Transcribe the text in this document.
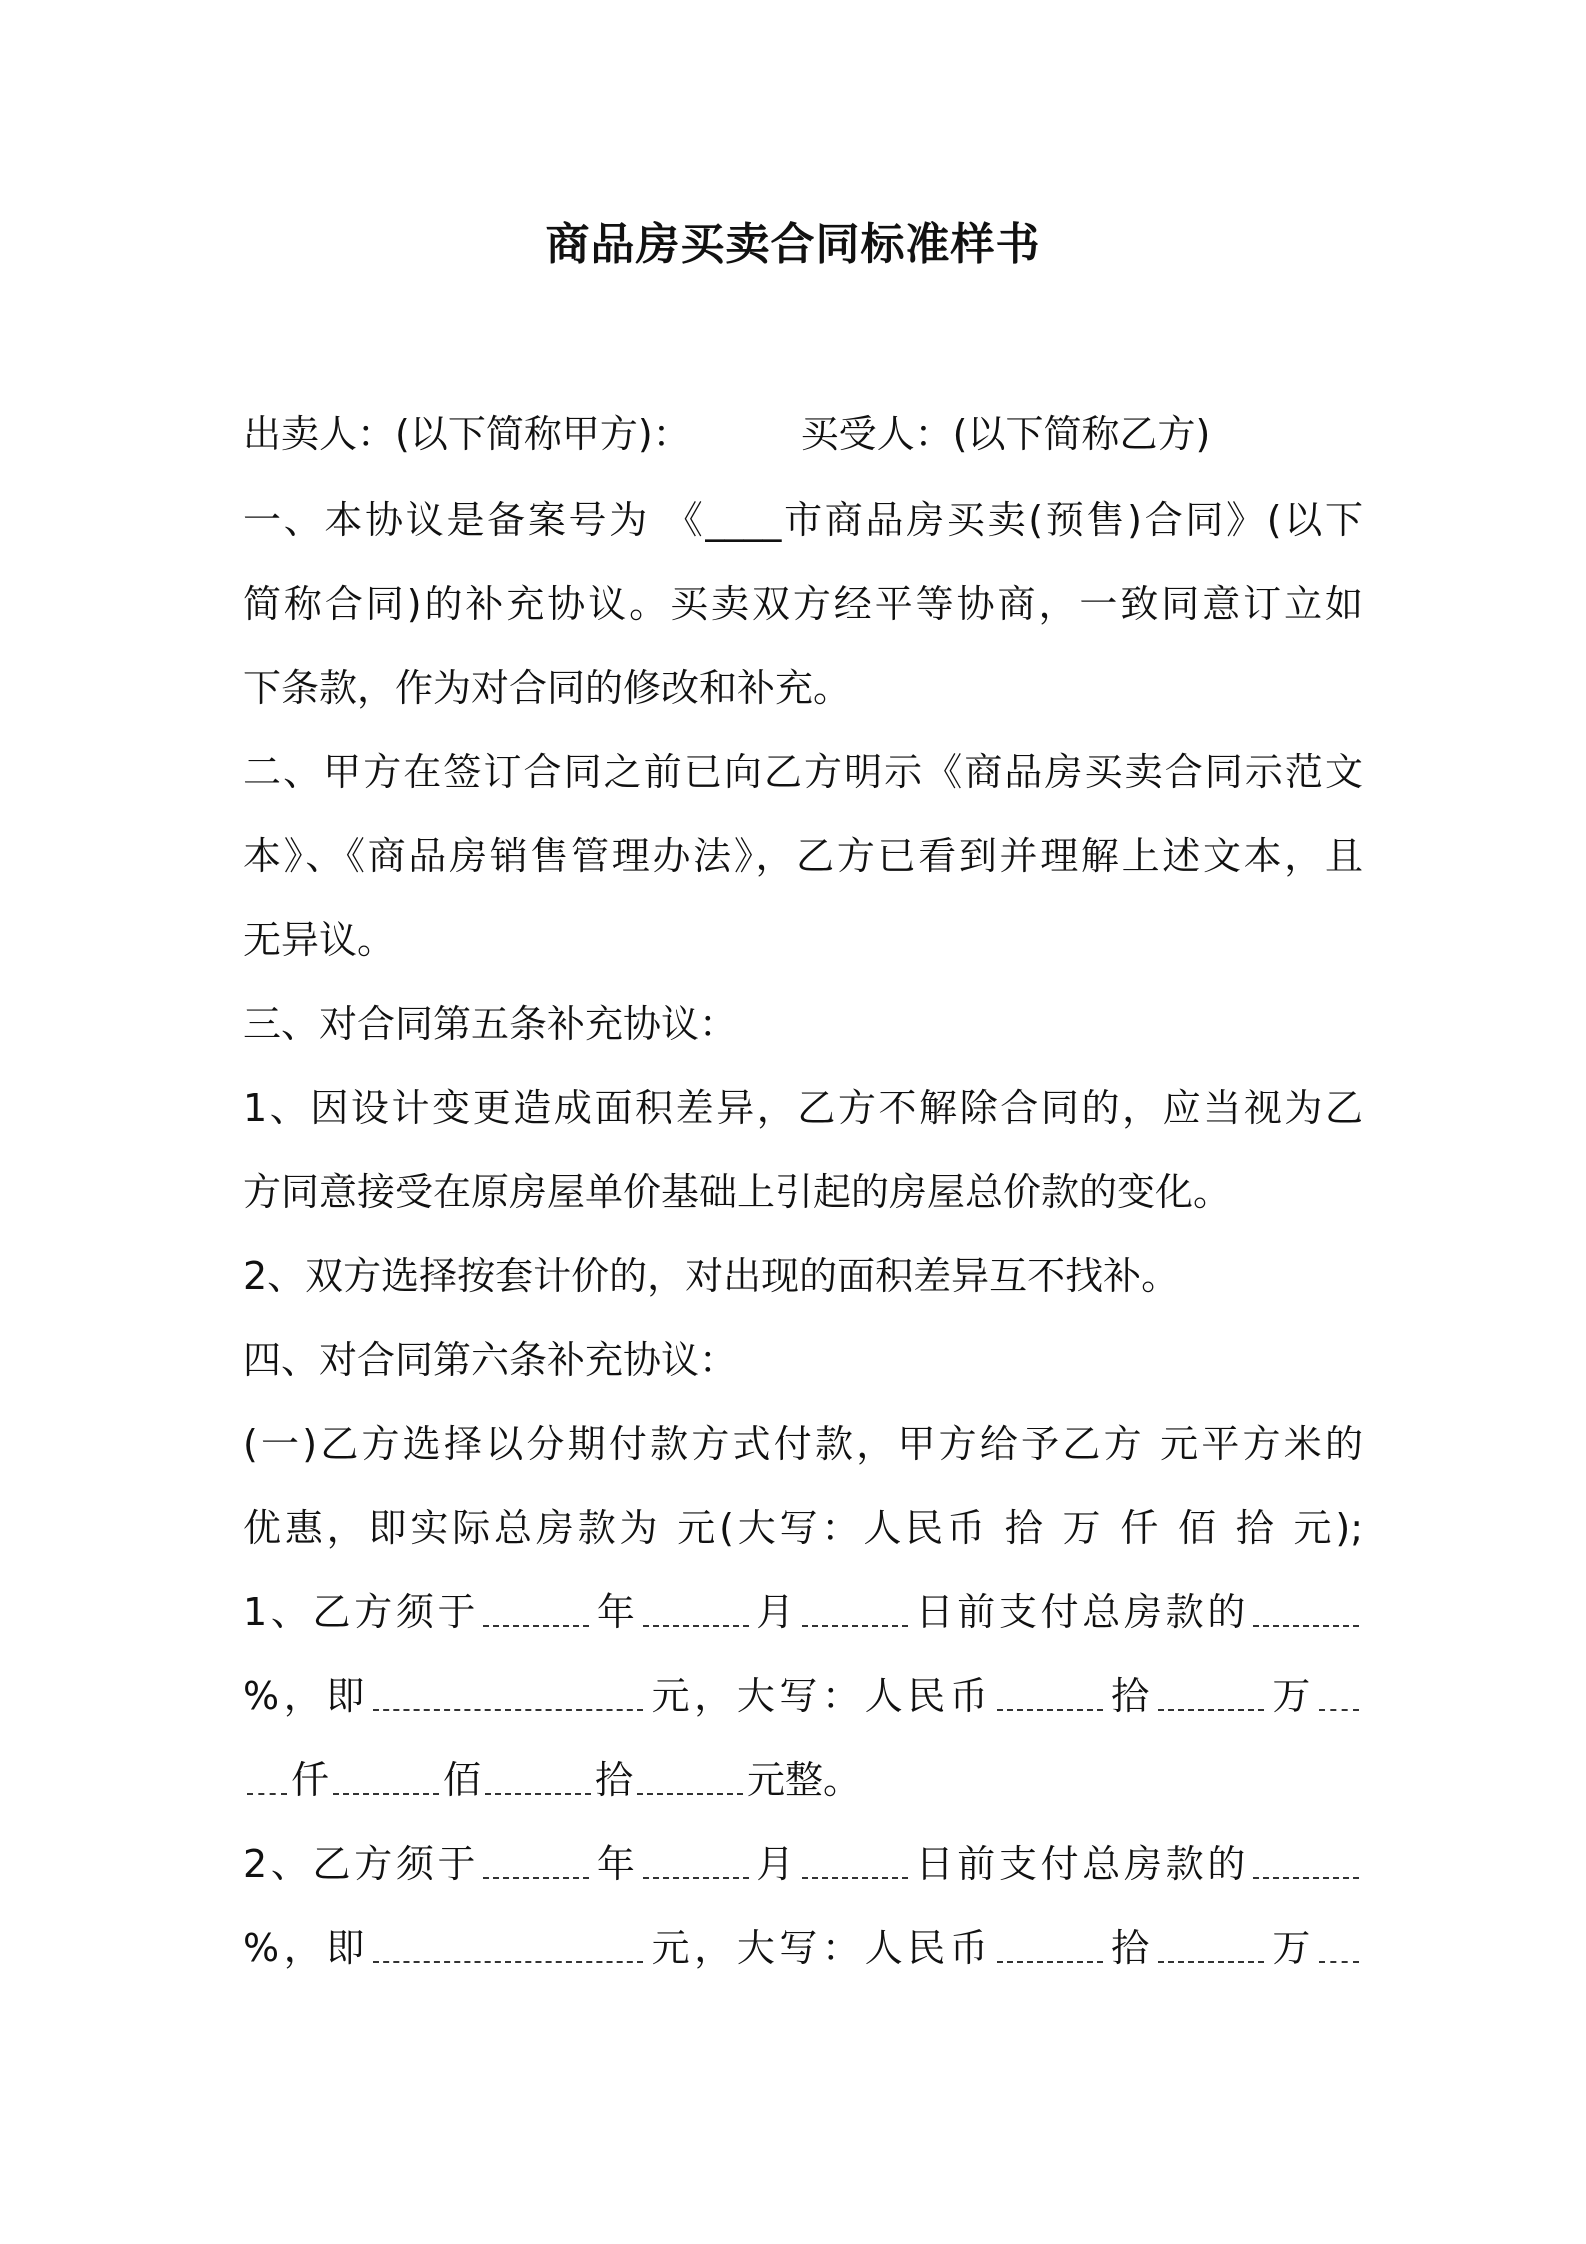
商品房买卖合同标准样书
出卖人：(以下简称甲方)：	买受人：(以下简称乙方)
一、本协议是备案号为 《____市商品房买卖(预售)合同》(以下
简称合同)的补充协议。买卖双方经平等协商，一致同意订立如
下条款，作为对合同的修改和补充。
二、甲方在签订合同之前已向乙方明示《商品房买卖合同示范文
本》、《商品房销售管理办法》，乙方已看到并理解上述文本，且
无异议。
三、对合同第五条补充协议：
1、因设计变更造成面积差异，乙方不解除合同的，应当视为乙
方同意接受在原房屋单价基础上引起的房屋总价款的变化。
2、双方选择按套计价的，对出现的面积差异互不找补。
四、对合同第六条补充协议：
(一)乙方选择以分期付款方式付款，甲方给予乙方 元平方米的
优惠，即实际总房款为 元(大写：人民币 拾 万 仟 佰 拾 元);
1、乙方须于	年	月	日前支付总房款的
%，即	元，大写：人民币	拾	万
仟	佰	拾	元整。
2、乙方须于	年	月	日前支付总房款的
%，即	元，大写：人民币	拾	万
